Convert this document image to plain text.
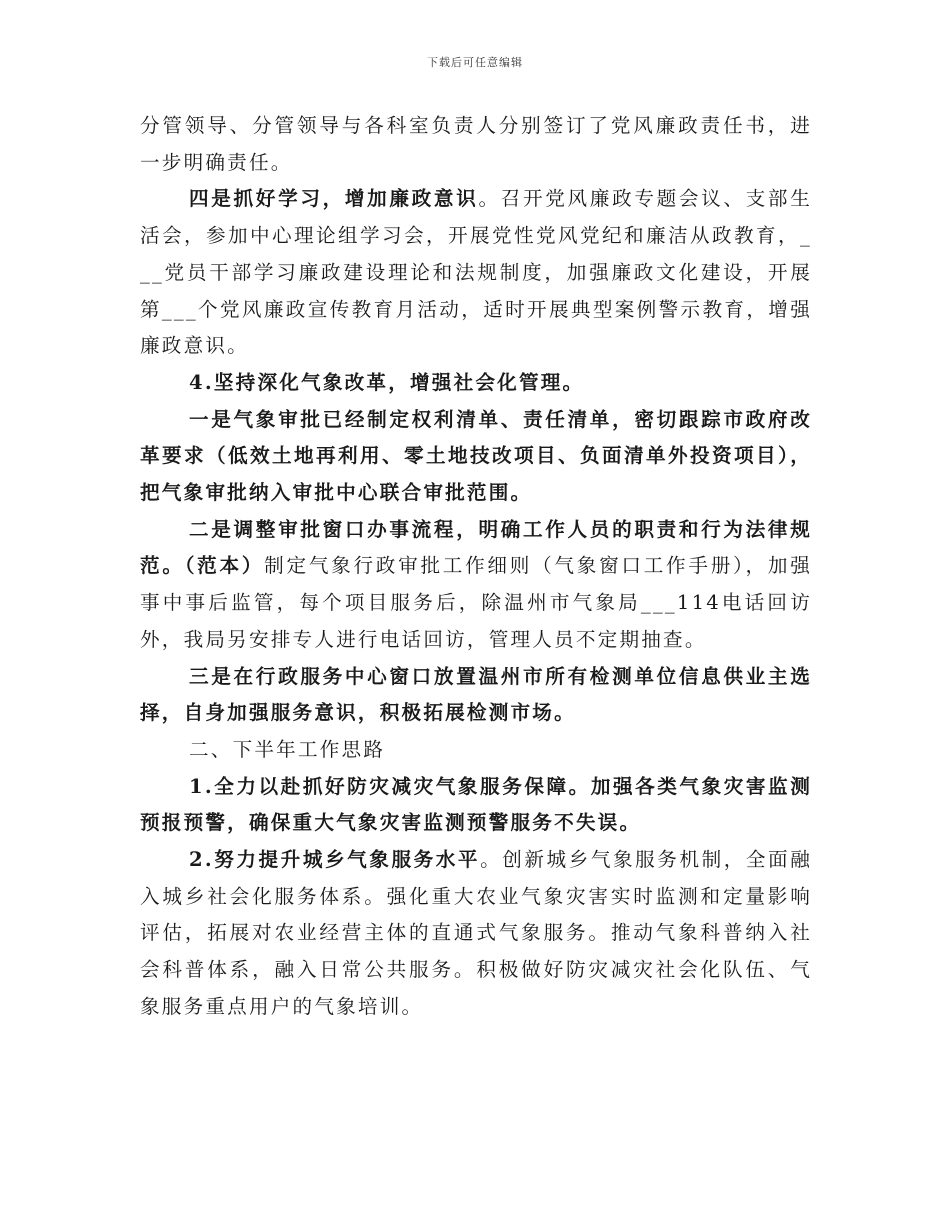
下载后可任意编辑

分管领导、分管领导与各科室负责人分别签订了党风廉政责任书，进一步明确责任。

四是抓好学习，增加廉政意识。召开党风廉政专题会议、支部生活会，参加中心理论组学习会，开展党性党风党纪和廉洁从政教育，___党员干部学习廉政建设理论和法规制度，加强廉政文化建设，开展第___个党风廉政宣传教育月活动，适时开展典型案例警示教育，增强廉政意识。

4.坚持深化气象改革，增强社会化管理。

一是气象审批已经制定权利清单、责任清单，密切跟踪市政府改革要求（低效土地再利用、零土地技改项目、负面清单外投资项目），把气象审批纳入审批中心联合审批范围。

二是调整审批窗口办事流程，明确工作人员的职责和行为法律规范。（范本）制定气象行政审批工作细则（气象窗口工作手册），加强事中事后监管，每个项目服务后，除温州市气象局___114电话回访外，我局另安排专人进行电话回访，管理人员不定期抽查。

三是在行政服务中心窗口放置温州市所有检测单位信息供业主选择，自身加强服务意识，积极拓展检测市场。

二、下半年工作思路

1.全力以赴抓好防灾减灾气象服务保障。加强各类气象灾害监测预报预警，确保重大气象灾害监测预警服务不失误。

2.努力提升城乡气象服务水平。创新城乡气象服务机制，全面融入城乡社会化服务体系。强化重大农业气象灾害实时监测和定量影响评估，拓展对农业经营主体的直通式气象服务。推动气象科普纳入社会科普体系，融入日常公共服务。积极做好防灾减灾社会化队伍、气象服务重点用户的气象培训。
